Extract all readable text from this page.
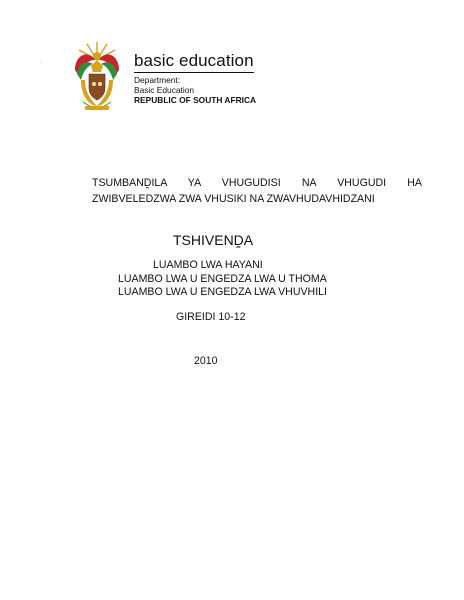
·	basic education
Department:
Basic Education
REPUBLIC OF SOUTH AFRICA
TSUMBANḒILA YA VHUGUDISI NA VHUGUDI HA
ZWIBVELEDZWA ZWA VHUSIKI NA ZWAVHUDAVHIDZANI
TSHIVENḒA
LUAMBO LWA HAYANI
LUAMBO LWA U ENGEDZA LWA U THOMA
LUAMBO LWA U ENGEDZA LWA VHUVHILI
GIREIDI 10-12
2010
